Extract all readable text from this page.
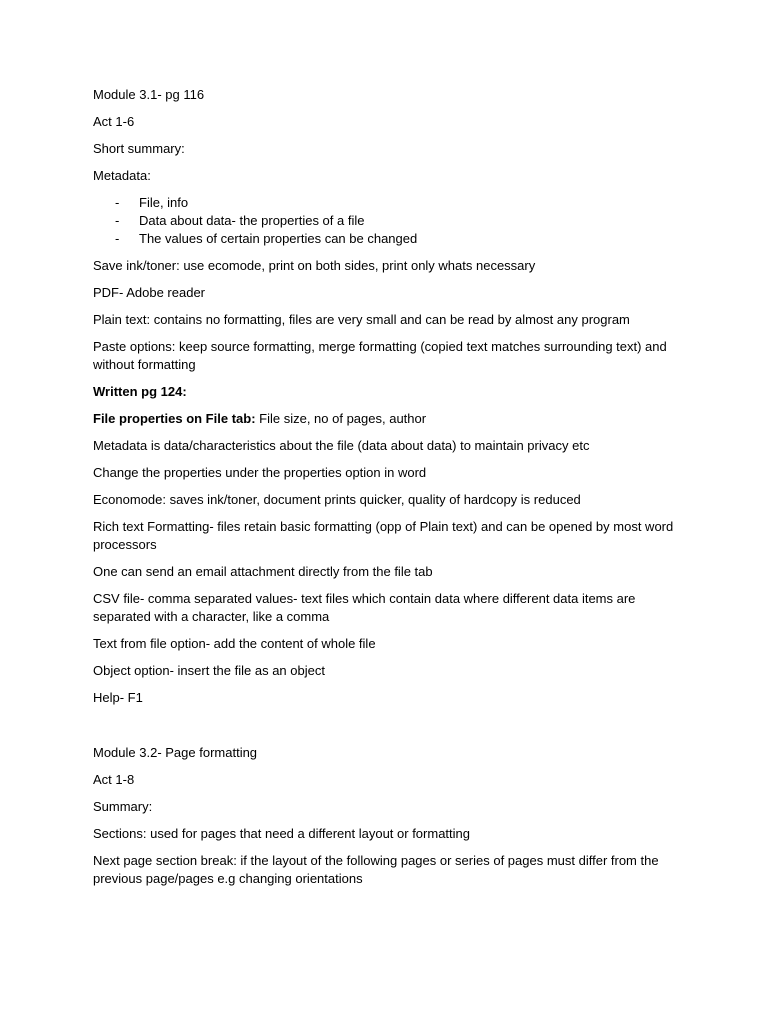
Module 3.1- pg 116

Act 1-6

Short summary:

Metadata:

- File, info
- Data about data- the properties of a file
- The values of certain properties can be changed

Save ink/toner: use ecomode, print on both sides, print only whats necessary

PDF- Adobe reader

Plain text: contains no formatting, files are very small and can be read by almost any program

Paste options: keep source formatting, merge formatting (copied text matches surrounding text) and without formatting

Written pg 124:

File properties on File tab: File size, no of pages, author

Metadata is data/characteristics about the file (data about data) to maintain privacy etc

Change the properties under the properties option in word

Economode: saves ink/toner, document prints quicker, quality of hardcopy is reduced

Rich text Formatting- files retain basic formatting (opp of Plain text) and can be opened by most word processors

One can send an email attachment directly from the file tab

CSV file- comma separated values- text files which contain data where different data items are separated with a character, like a comma

Text from file option- add the content of whole file

Object option- insert the file as an object

Help- F1

Module 3.2- Page formatting

Act 1-8

Summary:

Sections: used for pages that need a different layout or formatting

Next page section break: if the layout of the following pages or series of pages must differ from the previous page/pages e.g changing orientations
